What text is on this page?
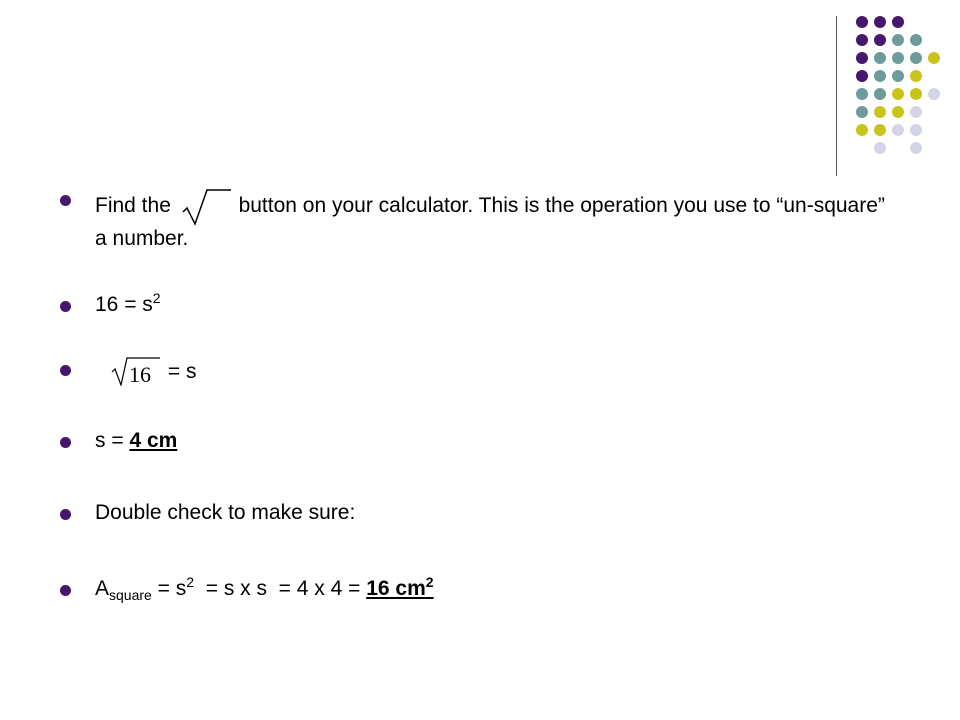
Find the	button on your calculator. This is the operation you use to “un-square” a number.
$16 = s^2$
16 = s
s = 4 cm
Double check to make sure:
$A_{square} = s^2 = s$ x s  = 4 x 4 = 16 $cm^2$
